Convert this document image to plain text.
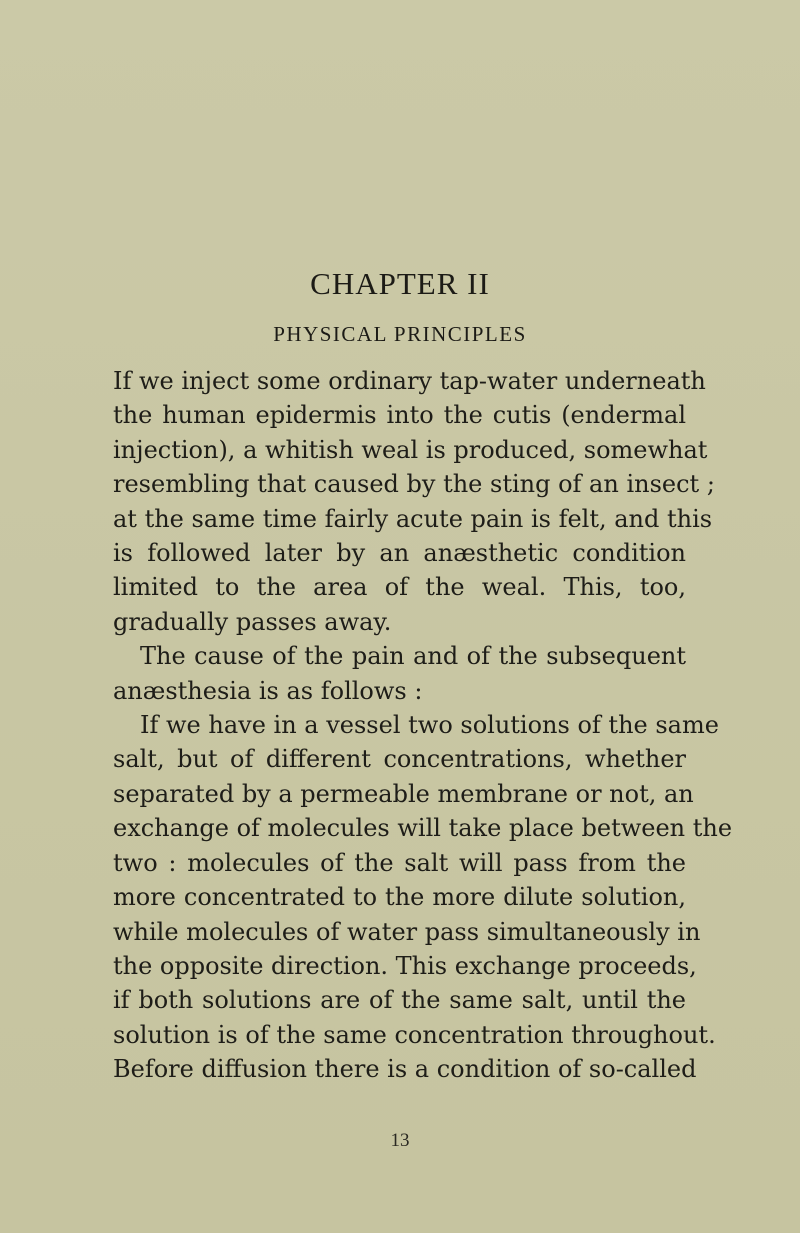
CHAPTER II
PHYSICAL PRINCIPLES
If we inject some ordinary tap-water underneath
the human epidermis into the cutis (endermal
injection), a whitish weal is produced, somewhat
resembling that caused by the sting of an insect ;
at the same time fairly acute pain is felt, and this
is followed later by an anæsthetic condition
limited to the area of the weal. This, too,
gradually passes away.
The cause of the pain and of the subsequent
anæsthesia is as follows :
If we have in a vessel two solutions of the same
salt, but of different concentrations, whether
separated by a permeable membrane or not, an
exchange of molecules will take place between the
two : molecules of the salt will pass from the
more concentrated to the more dilute solution,
while molecules of water pass simultaneously in
the opposite direction. This exchange proceeds,
if both solutions are of the same salt, until the
solution is of the same concentration throughout.
Before diffusion there is a condition of so-called
13
